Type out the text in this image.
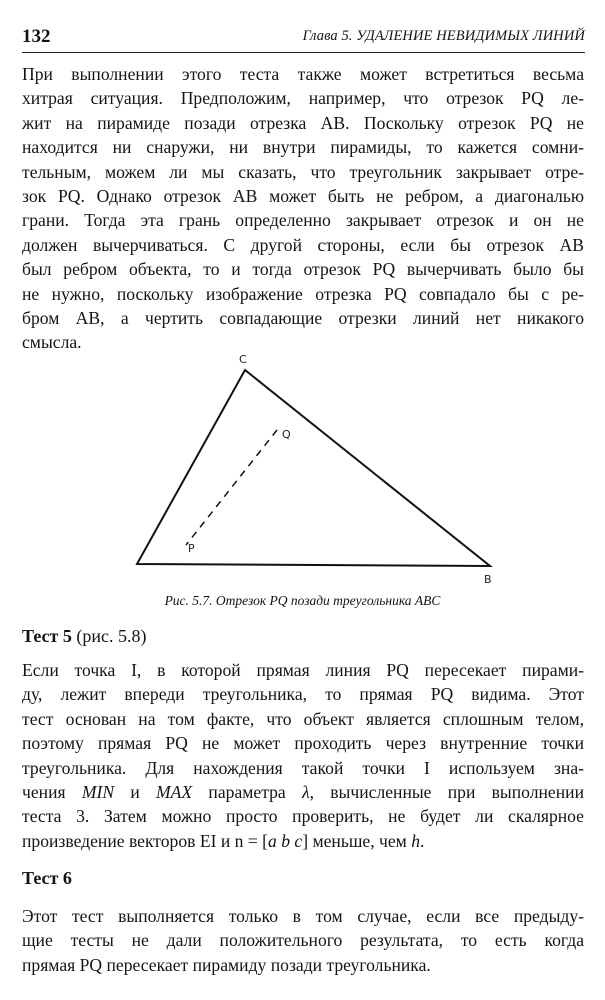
132	Глава 5. УДАЛЕНИЕ НЕВИДИМЫХ ЛИНИЙ
При выполнении этого теста также может встретиться весьма
хитрая ситуация. Предположим, например, что отрезок PQ ле-
жит на пирамиде позади отрезка AB. Поскольку отрезок PQ не
находится ни снаружи, ни внутри пирамиды, то кажется сомни-
тельным, можем ли мы сказать, что треугольник закрывает отре-
зок PQ. Однако отрезок AB может быть не ребром, а диагональю
грани. Тогда эта грань определенно закрывает отрезок и он не
должен вычерчиваться. С другой стороны, если бы отрезок AB
был ребром объекта, то и тогда отрезок PQ вычерчивать было бы
не нужно, поскольку изображение отрезка PQ совпадало бы с ре-
бром AB, а чертить совпадающие отрезки линий нет никакого
смысла.
C
Q
P
B
Рис. 5.7. Отрезок PQ позади треугольника ABC
Тест 5 (рис. 5.8)
Если точка I, в которой прямая линия PQ пересекает пирами-
ду, лежит впереди треугольника, то прямая PQ видима. Этот
тест основан на том факте, что объект является сплошным телом,
поэтому прямая PQ не может проходить через внутренние точки
треугольника. Для нахождения такой точки I используем зна-
чения MIN и MAX параметра λ, вычисленные при выполнении
теста 3. Затем можно просто проверить, не будет ли скалярное
произведение векторов EI и n = [a b c] меньше, чем h.
Тест 6
Этот тест выполняется только в том случае, если все предыду-
щие тесты не дали положительного результата, то есть когда
прямая PQ пересекает пирамиду позади треугольника.
